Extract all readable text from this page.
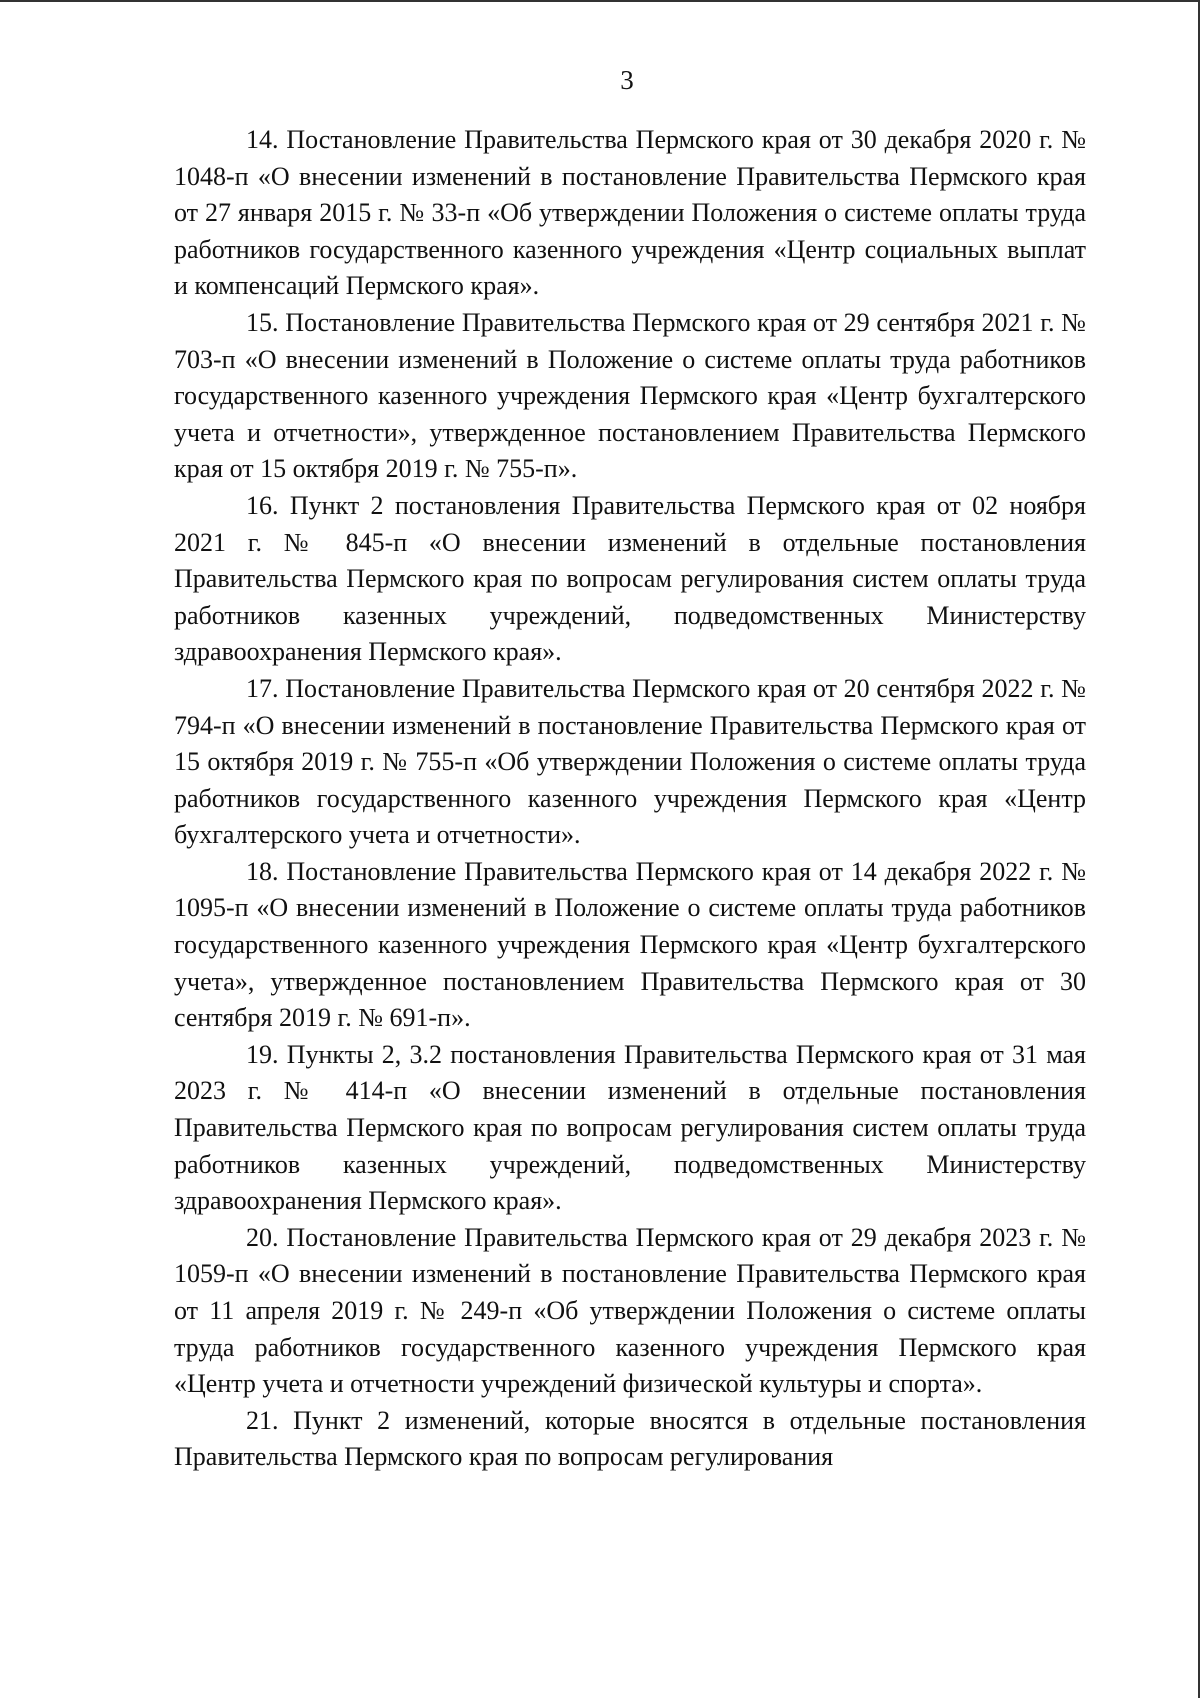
3

14. Постановление Правительства Пермского края от 30 декабря 2020 г. № 1048-п «О внесении изменений в постановление Правительства Пермского края от 27 января 2015 г. № 33-п «Об утверждении Положения о системе оплаты труда работников государственного казенного учреждения «Центр социальных выплат и компенсаций Пермского края».

15. Постановление Правительства Пермского края от 29 сентября 2021 г. № 703-п «О внесении изменений в Положение о системе оплаты труда работников государственного казенного учреждения Пермского края «Центр бухгалтерского учета и отчетности», утвержденное постановлением Правительства Пермского края от 15 октября 2019 г. № 755-п».

16. Пункт 2 постановления Правительства Пермского края от 02 ноября 2021 г. № 845-п «О внесении изменений в отдельные постановления Правительства Пермского края по вопросам регулирования систем оплаты труда работников казенных учреждений, подведомственных Министерству здравоохранения Пермского края».

17. Постановление Правительства Пермского края от 20 сентября 2022 г. № 794-п «О внесении изменений в постановление Правительства Пермского края от 15 октября 2019 г. № 755-п «Об утверждении Положения о системе оплаты труда работников государственного казенного учреждения Пермского края «Центр бухгалтерского учета и отчетности».

18. Постановление Правительства Пермского края от 14 декабря 2022 г. № 1095-п «О внесении изменений в Положение о системе оплаты труда работников государственного казенного учреждения Пермского края «Центр бухгалтерского учета», утвержденное постановлением Правительства Пермского края от 30 сентября 2019 г. № 691-п».

19. Пункты 2, 3.2 постановления Правительства Пермского края от 31 мая 2023 г. № 414-п «О внесении изменений в отдельные постановления Правительства Пермского края по вопросам регулирования систем оплаты труда работников казенных учреждений, подведомственных Министерству здравоохранения Пермского края».

20. Постановление Правительства Пермского края от 29 декабря 2023 г. № 1059-п «О внесении изменений в постановление Правительства Пермского края от 11 апреля 2019 г. № 249-п «Об утверждении Положения о системе оплаты труда работников государственного казенного учреждения Пермского края «Центр учета и отчетности учреждений физической культуры и спорта».

21. Пункт 2 изменений, которые вносятся в отдельные постановления Правительства Пермского края по вопросам регулирования
